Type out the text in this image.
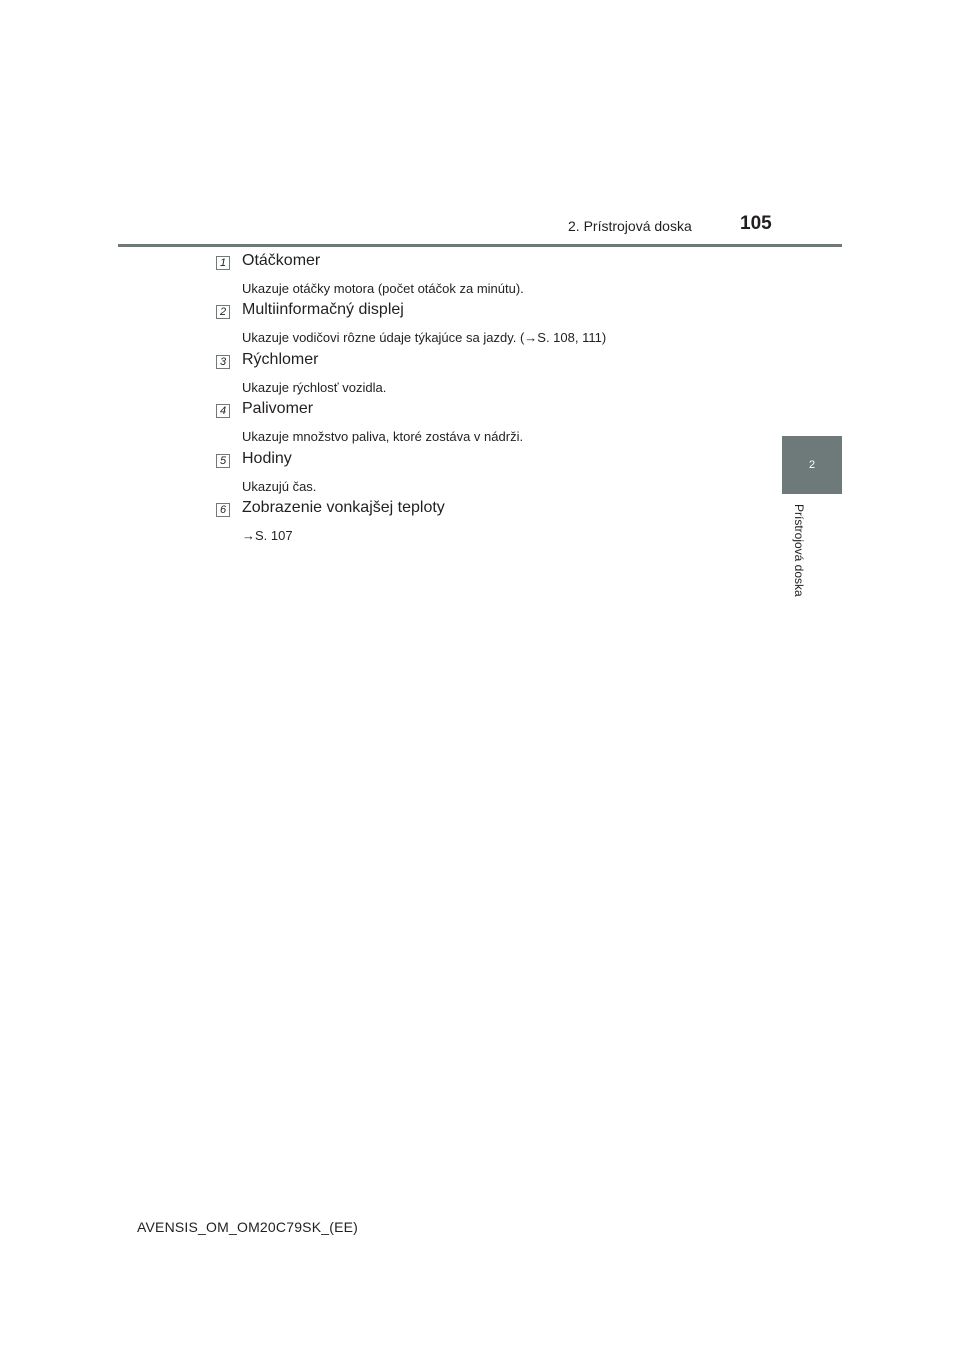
2. Prístrojová doska	105
2
Prístrojová doska
1 Otáčkomer
Ukazuje otáčky motora (počet otáčok za minútu).
2 Multiinformačný displej
Ukazuje vodičovi rôzne údaje týkajúce sa jazdy. (→S. 108, 111)
3 Rýchlomer
Ukazuje rýchlosť vozidla.
4 Palivomer
Ukazuje množstvo paliva, ktoré zostáva v nádrži.
5 Hodiny
Ukazujú čas.
6 Zobrazenie vonkajšej teploty
→S. 107
AVENSIS_OM_OM20C79SK_(EE)
